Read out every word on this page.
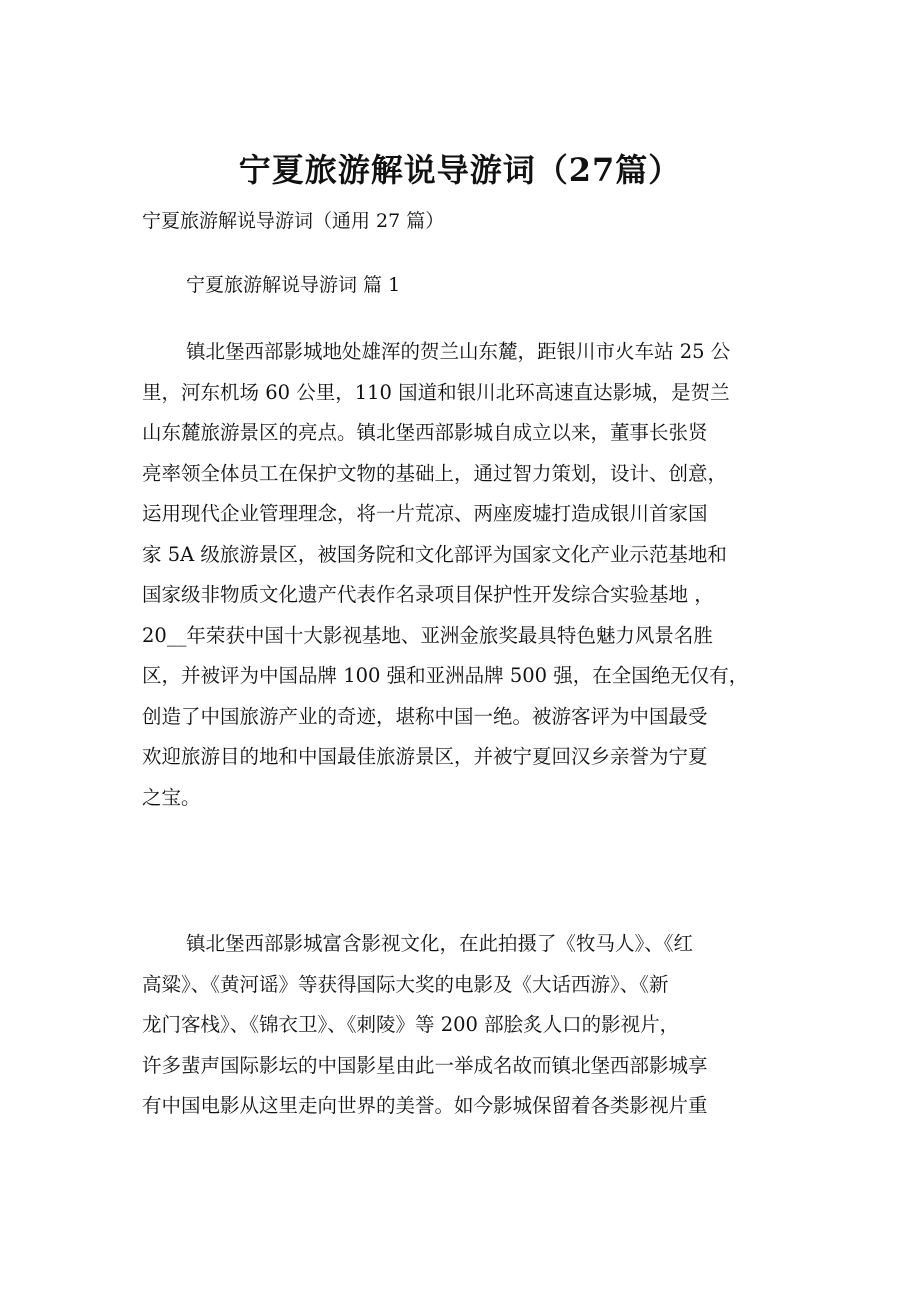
宁夏旅游解说导游词（27篇）

宁夏旅游解说导游词（通用 27 篇）

宁夏旅游解说导游词 篇 1

镇北堡西部影城地处雄浑的贺兰山东麓，距银川市火车站 25 公
里，河东机场 60 公里，110 国道和银川北环高速直达影城，是贺兰
山东麓旅游景区的亮点。镇北堡西部影城自成立以来，董事长张贤
亮率领全体员工在保护文物的基础上，通过智力策划，设计、创意，
运用现代企业管理理念，将一片荒凉、两座废墟打造成银川首家国
家 5A 级旅游景区，被国务院和文化部评为国家文化产业示范基地和
国家级非物质文化遗产代表作名录项目保护性开发综合实验基地 ，
20__年荣获中国十大影视基地、亚洲金旅奖最具特色魅力风景名胜
区，并被评为中国品牌 100 强和亚洲品牌 500 强，在全国绝无仅有，
创造了中国旅游产业的奇迹，堪称中国一绝。被游客评为中国最受
欢迎旅游目的地和中国最佳旅游景区，并被宁夏回汉乡亲誉为宁夏
之宝。

镇北堡西部影城富含影视文化，在此拍摄了《牧马人》、《红
高粱》、《黄河谣》等获得国际大奖的电影及《大话西游》、《新
龙门客栈》、《锦衣卫》、《刺陵》等 200 部脍炙人口的影视片，
许多蜚声国际影坛的中国影星由此一举成名故而镇北堡西部影城享
有中国电影从这里走向世界的美誉。如今影城保留着各类影视片重
